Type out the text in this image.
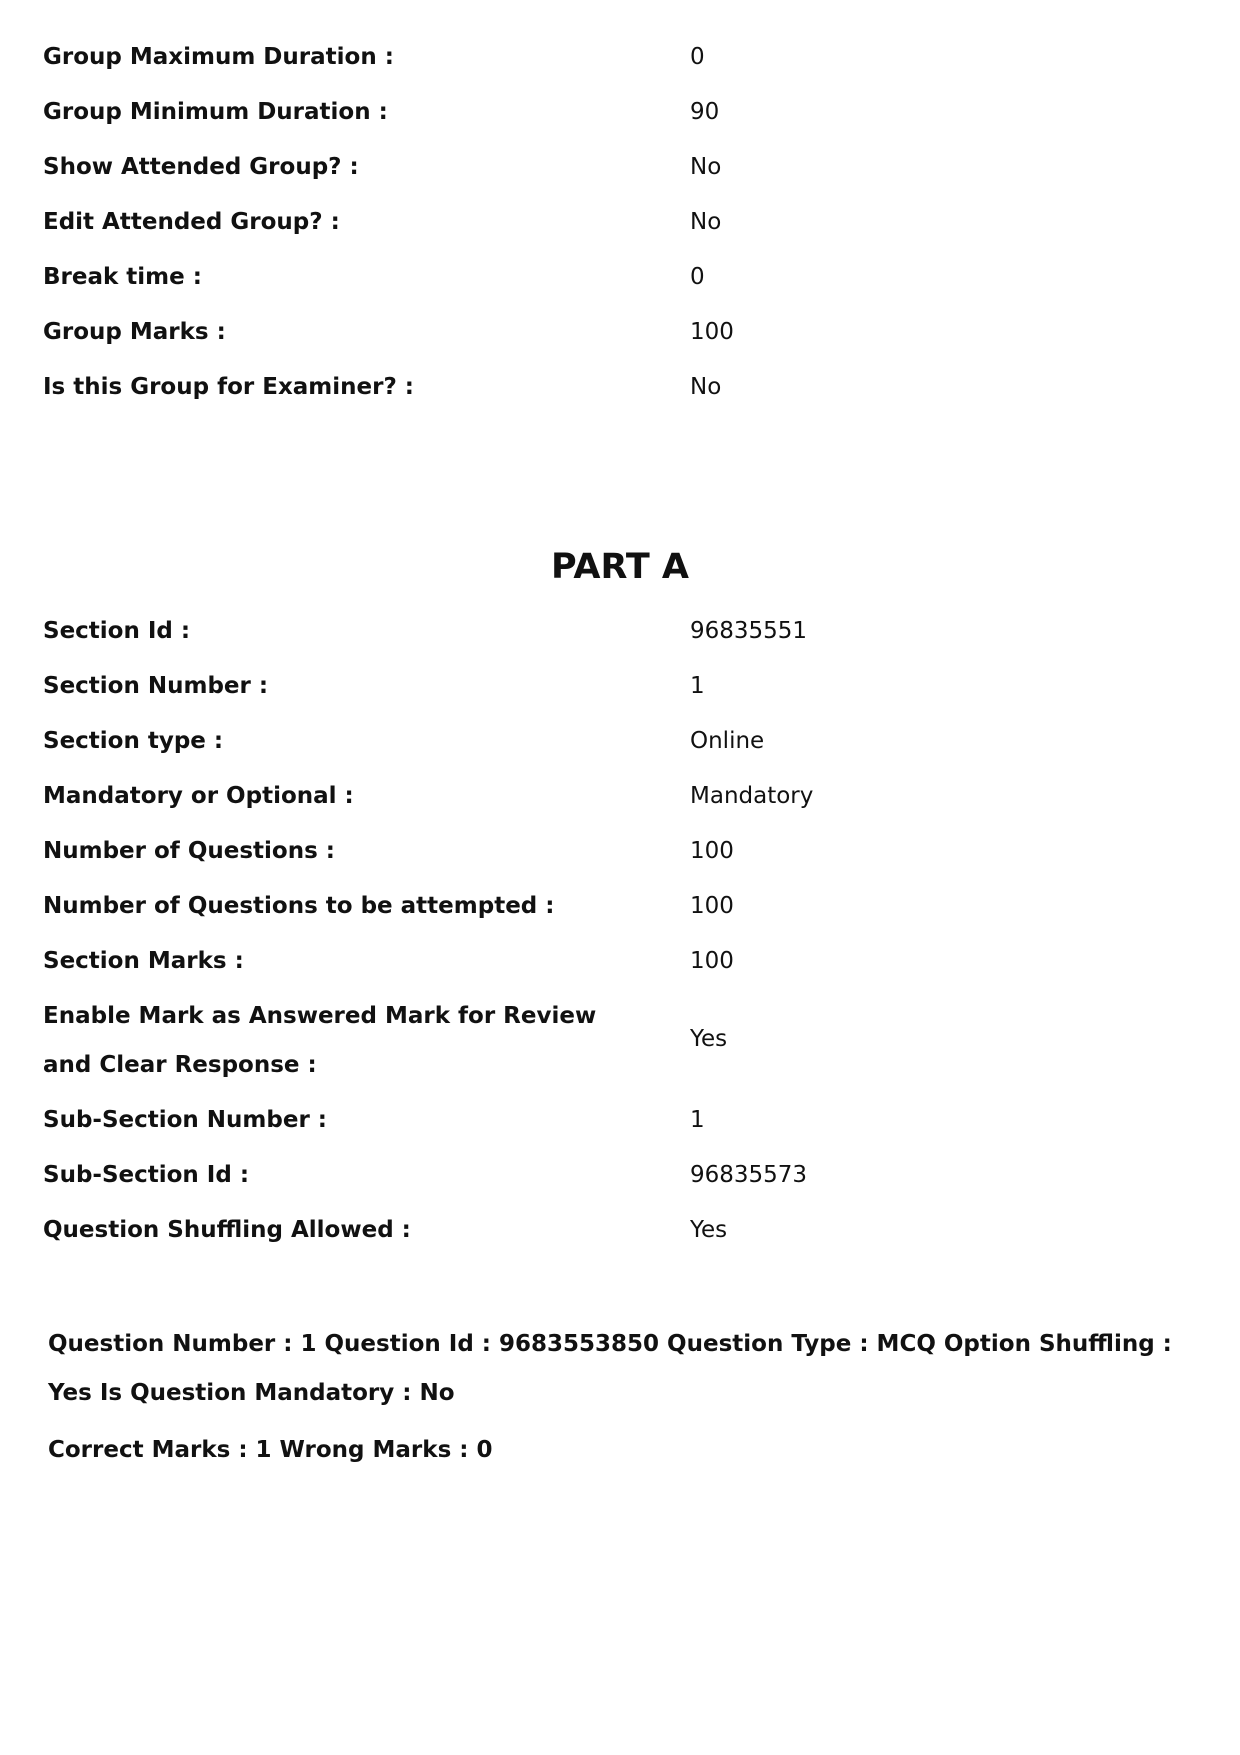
Group Maximum Duration :	0
Group Minimum Duration :	90
Show Attended Group? :	No
Edit Attended Group? :	No
Break time :	0
Group Marks :	100
Is this Group for Examiner? :	No
PART A
Section Id :	96835551
Section Number :	1
Section type :	Online
Mandatory or Optional :	Mandatory
Number of Questions :	100
Number of Questions to be attempted :	100
Section Marks :	100
Enable Mark as Answered Mark for Review and Clear Response :
Yes
Sub-Section Number :	1
Sub-Section Id :	96835573
Question Shuffling Allowed :	Yes
Question Number : 1 Question Id : 9683553850 Question Type : MCQ Option Shuffling : Yes Is Question Mandatory : No
Correct Marks : 1 Wrong Marks : 0
